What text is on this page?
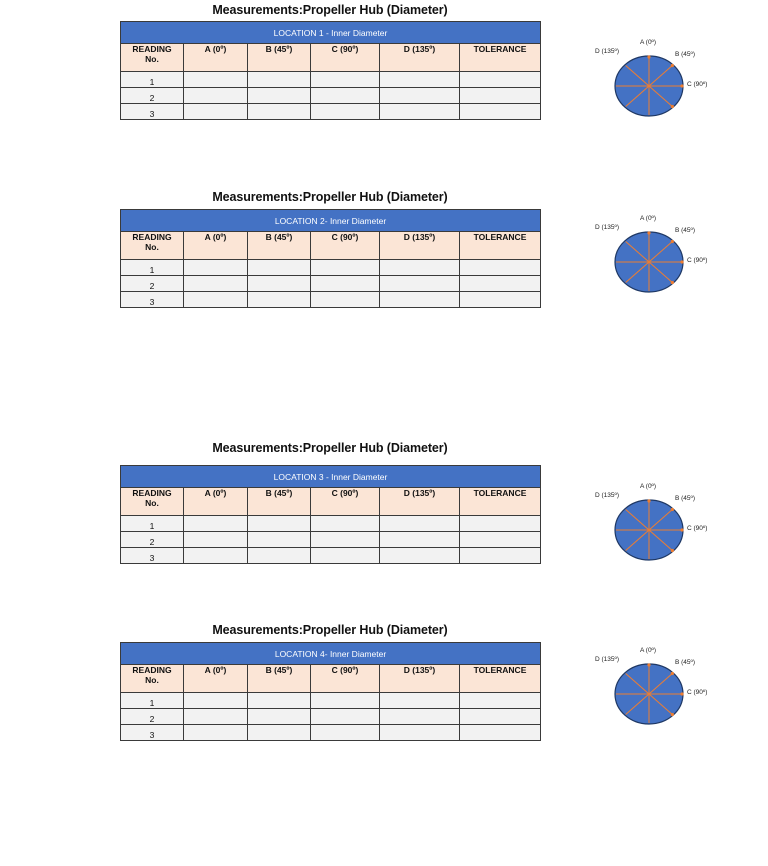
Measurements:Propeller Hub (Diameter)
LOCATION 1 - Inner Diameter					
READING
No.	A (0º)	B (45º)	C (90º)	D (135º)	TOLERANCE
1					
2					
3					
A (0º)
B (45º)
C (90º)
D (135º)
Measurements:Propeller Hub (Diameter)
LOCATION 2- Inner Diameter					
READING
No.	A (0º)	B (45º)	C (90º)	D (135º)	TOLERANCE
1					
2					
3					
A (0º)
B (45º)
C (90º)
D (135º)
Measurements:Propeller Hub (Diameter)
LOCATION 3 - Inner Diameter					
READING
No.	A (0º)	B (45º)	C (90º)	D (135º)	TOLERANCE
1					
2					
3					
A (0º)
B (45º)
C (90º)
D (135º)
Measurements:Propeller Hub (Diameter)
LOCATION 4- Inner Diameter					
READING
No.	A (0º)	B (45º)	C (90º)	D (135º)	TOLERANCE
1					
2					
3					
A (0º)
B (45º)
C (90º)
D (135º)
